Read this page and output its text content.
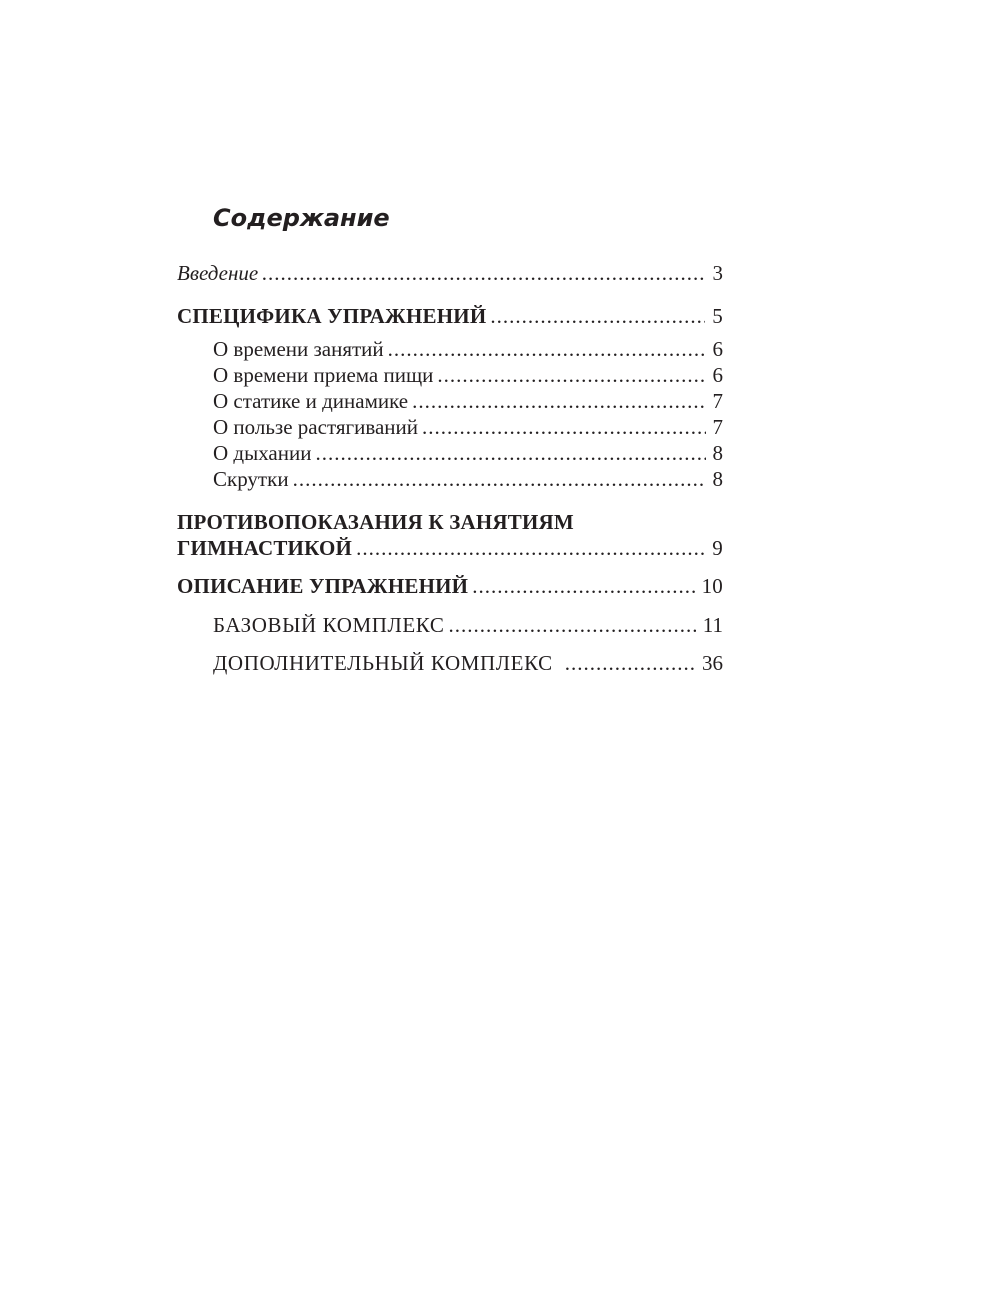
Содержание
Введение .....	3
СПЕЦИФИКА УПРАЖНЕНИЙ .....	5
О времени занятий .....	6
О времени приема пищи .....	6
О статике и динамике .....	7
О пользе растягиваний .....	7
О дыхании .....	8
Скрутки .....	8
ПРОТИВОПОКАЗАНИЯ К ЗАНЯТИЯМ
ГИМНАСТИКОЙ .....	9
ОПИСАНИЕ УПРАЖНЕНИЙ .....	10
БАЗОВЫЙ КОМПЛЕКС .....	11
ДОПОЛНИТЕЛЬНЫЙ КОМПЛЕКС .....	36
